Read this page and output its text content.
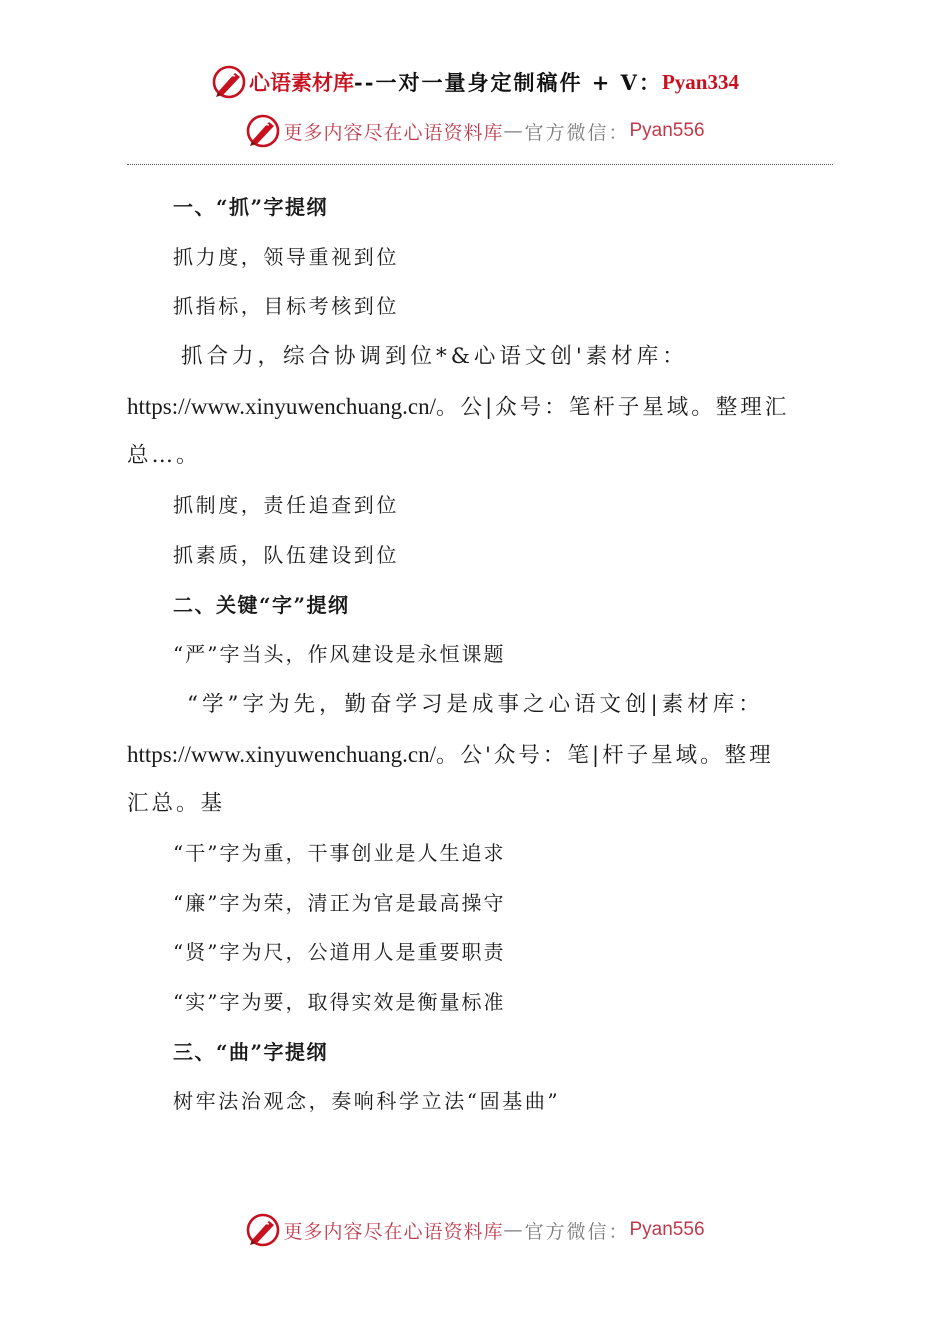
心语素材库 -- 一对一量身定制稿件 + V： Pyan334
更多内容尽在心语资料库 — 官方微信： Pyan556
一、“抓”字提纲
抓力度，领导重视到位
抓指标，目标考核到位
抓合力，综合协调到位*&心语文创'素材库：
https://www.xinyuwenchuang.cn/。公|众号：笔杆子星域。整理汇
总…。
抓制度，责任追查到位
抓素质，队伍建设到位
二、关键“字”提纲
“严”字当头，作风建设是永恒课题
“学”字为先，勤奋学习是成事之心语文创|素材库：
https://www.xinyuwenchuang.cn/。公'众号：笔|杆子星域。整理
汇总。基
“干”字为重，干事创业是人生追求
“廉”字为荣，清正为官是最高操守
“贤”字为尺，公道用人是重要职责
“实”字为要，取得实效是衡量标准
三、“曲”字提纲
树牢法治观念，奏响科学立法“固基曲”
更多内容尽在心语资料库 — 官方微信： Pyan556
